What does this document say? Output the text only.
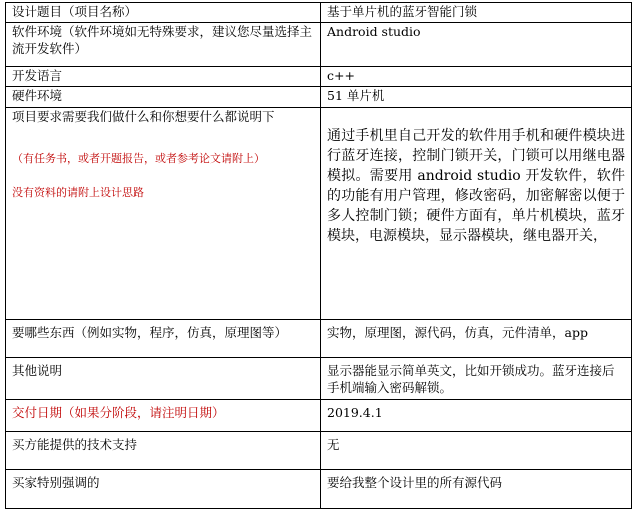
设计题目（项目名称）	基于单片机的蓝牙智能门锁
软件环境（软件环境如无特殊要求，建议您尽量选择主流开发软件）	Android studio
开发语言	c++
硬件环境	51 单片机

项目要求需要我们做什么和你想要什么都说明下
（有任务书，或者开题报告，或者参考论文请附上）
没有资料的请附上设计思路	通过手机里自己开发的软件用手机和硬件模块进行蓝牙连接，控制门锁开关，门锁可以用继电器模拟。需要用 android studio 开发软件，软件的功能有用户管理，修改密码，加密解密以便于多人控制门锁；硬件方面有，单片机模块，蓝牙模块，电源模块，显示器模块，继电器开关，

要哪些东西（例如实物，程序，仿真，原理图等）	实物，原理图，源代码，仿真，元件清单，app

其他说明	显示器能显示简单英文，比如开锁成功。蓝牙连接后手机端输入密码解锁。

交付日期（如果分阶段，请注明日期）	2019.4.1

买方能提供的技术支持	无

买家特别强调的	要给我整个设计里的所有源代码
